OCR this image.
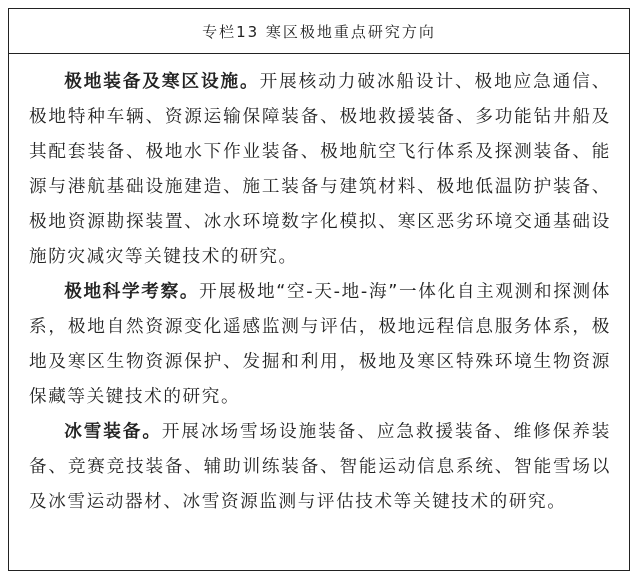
专栏13 寒区极地重点研究方向

极地装备及寒区设施。开展核动力破冰船设计、极地应急通信、极地特种车辆、资源运输保障装备、极地救援装备、多功能钻井船及其配套装备、极地水下作业装备、极地航空飞行体系及探测装备、能源与港航基础设施建造、施工装备与建筑材料、极地低温防护装备、极地资源勘探装置、冰水环境数字化模拟、寒区恶劣环境交通基础设施防灾减灾等关键技术的研究。

极地科学考察。开展极地“空-天-地-海”一体化自主观测和探测体系，极地自然资源变化遥感监测与评估，极地远程信息服务体系，极地及寒区生物资源保护、发掘和利用，极地及寒区特殊环境生物资源保藏等关键技术的研究。

冰雪装备。开展冰场雪场设施装备、应急救援装备、维修保养装备、竞赛竞技装备、辅助训练装备、智能运动信息系统、智能雪场以及冰雪运动器材、冰雪资源监测与评估技术等关键技术的研究。
